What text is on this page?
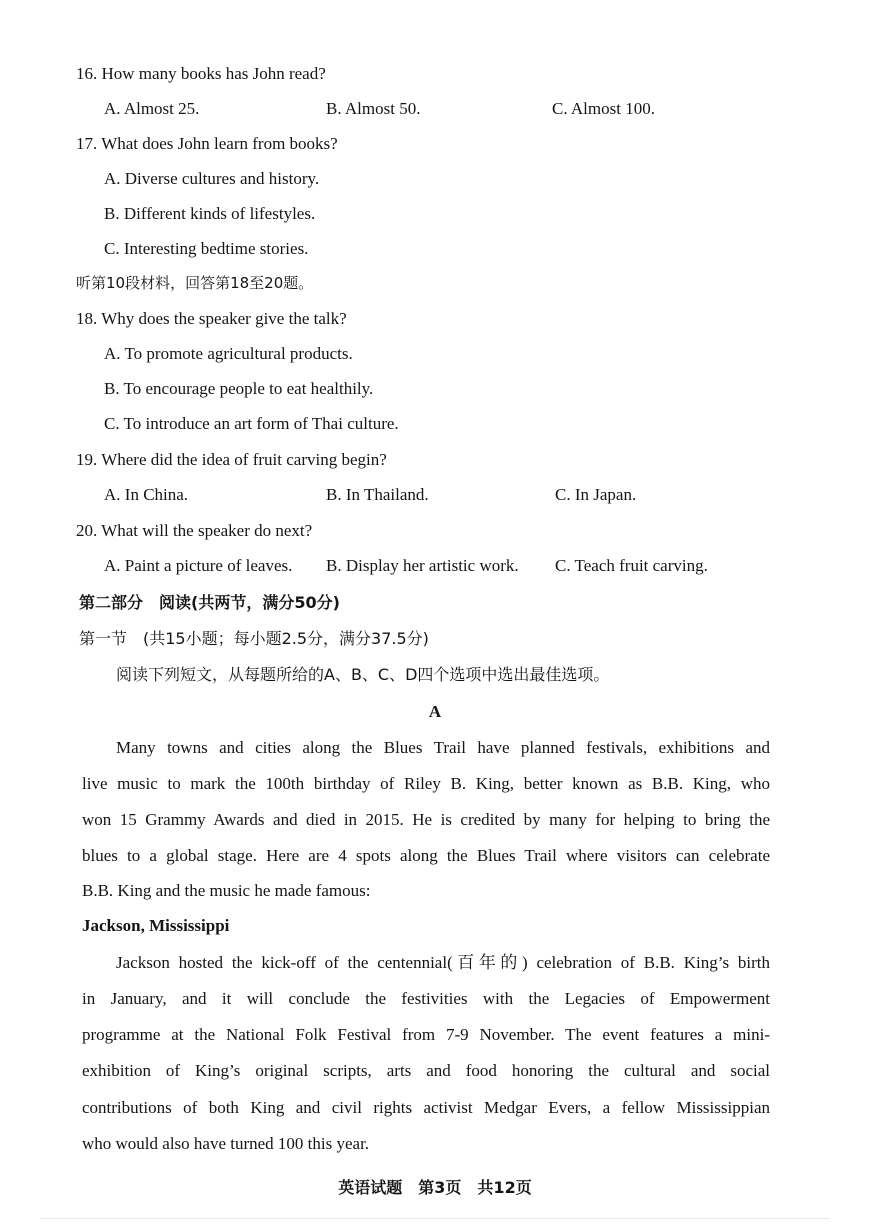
16. How many books has John read?
A. Almost 25.	B. Almost 50.	C. Almost 100.
17. What does John learn from books?
A. Diverse cultures and history.
B. Different kinds of lifestyles.
C. Interesting bedtime stories.
听第10段材料，回答第18至20题。
18. Why does the speaker give the talk?
A. To promote agricultural products.
B. To encourage people to eat healthily.
C. To introduce an art form of Thai culture.
19. Where did the idea of fruit carving begin?
A. In China.	B. In Thailand.	C. In Japan.
20. What will the speaker do next?
A. Paint a picture of leaves. B. Display her artistic work. C. Teach fruit carving.
第二部分　阅读(共两节，满分50分)
第一节　(共15小题；每小题2.5分，满分37.5分)
阅读下列短文，从每题所给的A、B、C、D四个选项中选出最佳选项。
A
Many towns and cities along the Blues Trail have planned festivals, exhibitions and
live music to mark the 100th birthday of Riley B. King, better known as B.B. King, who
won 15 Grammy Awards and died in 2015. He is credited by many for helping to bring the
blues to a global stage. Here are 4 spots along the Blues Trail where visitors can celebrate
B.B. King and the music he made famous:
Jackson, Mississippi
Jackson hosted the kick-off of the centennial(百年的) celebration of B.B. King’s birth
in January, and it will conclude the festivities with the Legacies of Empowerment
programme at the National Folk Festival from 7-9 November. The event features a mini-
exhibition of King’s original scripts, arts and food honoring the cultural and social
contributions of both King and civil rights activist Medgar Evers, a fellow Mississippian
who would also have turned 100 this year.
英语试题　第3页　共12页
